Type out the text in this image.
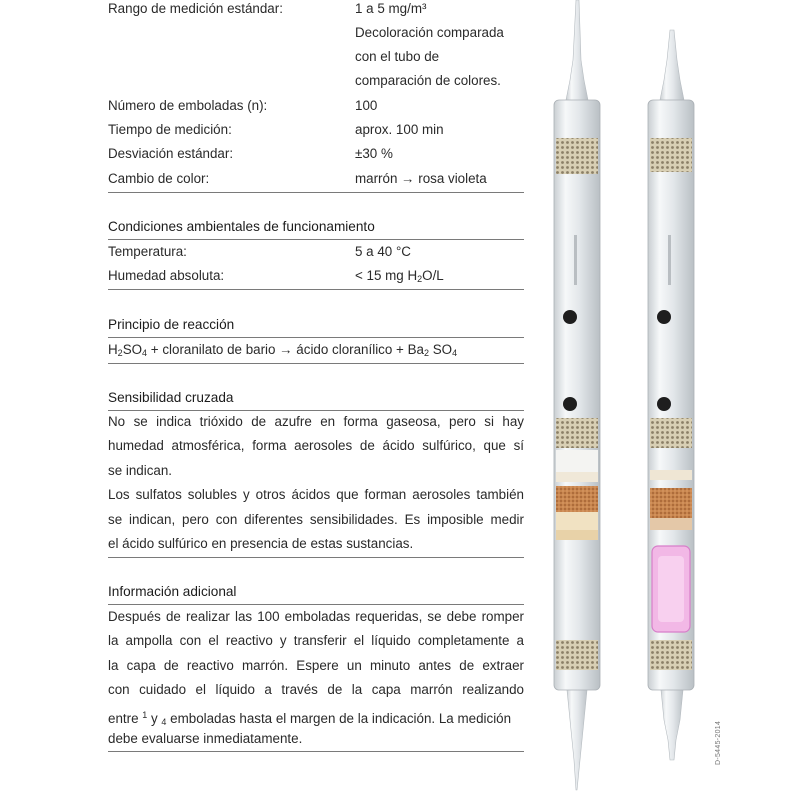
Rango de medición estándar:	1 a 5 mg/m³
Decoloración comparada
con el tubo de
comparación de colores.
Número de emboladas (n):	100
Tiempo de medición:	aprox. 100 min
Desviación estándar:	±30 %
Cambio de color:	marrón → rosa violeta
Condiciones ambientales de funcionamiento
Temperatura:	5 a 40 °C
Humedad absoluta:	< 15 mg $H_2O/L$
Principio de reacción
$H_2SO_4$ + cloranilato de bario → ácido cloranílico + $Ba_2$ $SO_4$
Sensibilidad cruzada
No se indica trióxido de azufre en forma gaseosa, pero si hay
humedad atmosférica, forma aerosoles de ácido sulfúrico, que sí
se indican.
Los sulfatos solubles y otros ácidos que forman aerosoles también
se indican, pero con diferentes sensibilidades. Es imposible medir
el ácido sulfúrico en presencia de estas sustancias.
Información adicional
Después de realizar las 100 emboladas requeridas, se debe romper
la ampolla con el reactivo y transferir el líquido completamente a
la capa de reactivo marrón. Espere un minuto antes de extraer
con cuidado el líquido a través de la capa marrón realizando
entre $^1$ y $_4$ emboladas hasta el margen de la indicación. La medición
debe evaluarse inmediatamente.	D-5445-2014
